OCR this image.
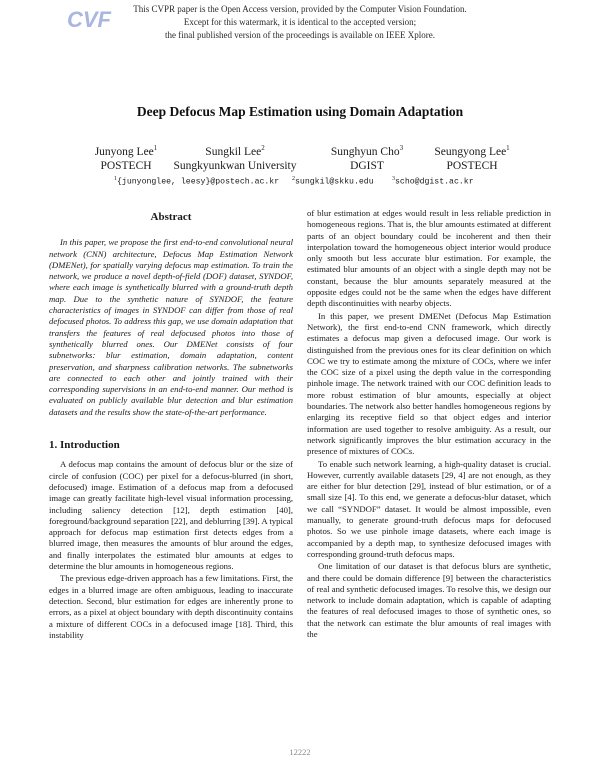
CVF	This CVPR paper is the Open Access version, provided by the Computer Vision Foundation.
Except for this watermark, it is identical to the accepted version;
the final published version of the proceedings is available on IEEE Xplore.
Deep Defocus Map Estimation using Domain Adaptation
Junyong Lee$^1$
POSTECH
Sungkil Lee$^2$
Sungkyunkwan University
Sunghyun Cho$^3$
DGIST
Seungyong Lee$^1$
POSTECH
$^1${junyonglee, leesy}@postech.ac.kr $^2$sungkil@skku.edu	$^3$scho@dgist.ac.kr
Abstract

In this paper, we propose the first end-to-end convolutional neural network (CNN) architecture, Defocus Map Estimation Network (DMENet), for spatially varying defocus map estimation. To train the network, we produce a novel depth-of-field (DOF) dataset, SYNDOF, where each image is synthetically blurred with a ground-truth depth map. Due to the synthetic nature of SYNDOF, the feature characteristics of images in SYNDOF can differ from those of real defocused photos. To address this gap, we use domain adaptation that transfers the features of real defocused photos into those of synthetically blurred ones. Our DMENet consists of four subnetworks: blur estimation, domain adaptation, content preservation, and sharpness calibration networks. The subnetworks are connected to each other and jointly trained with their corresponding supervisions in an end-to-end manner. Our method is evaluated on publicly available blur detection and blur estimation datasets and the results show the state-of-the-art performance.

1. Introduction

A defocus map contains the amount of defocus blur or the size of circle of confusion (COC) per pixel for a defocus-blurred (in short, defocused) image. Estimation of a defocus map from a defocused image can greatly facilitate high-level visual information processing, including saliency detection [12], depth estimation [40], foreground/background separation [22], and deblurring [39]. A typical approach for defocus map estimation first detects edges from a blurred image, then measures the amounts of blur around the edges, and finally interpolates the estimated blur amounts at edges to determine the blur amounts in homogeneous regions.

The previous edge-driven approach has a few limitations. First, the edges in a blurred image are often ambiguous, leading to inaccurate detection. Second, blur estimation for edges are inherently prone to errors, as a pixel at object boundary with depth discontinuity contains a mixture of different COCs in a defocused image [18]. Third, this instability

of blur estimation at edges would result in less reliable prediction in homogeneous regions. That is, the blur amounts estimated at different parts of an object boundary could be incoherent and then their interpolation toward the homogeneous object interior would produce only smooth but less accurate blur estimation. For example, the estimated blur amounts of an object with a single depth may not be constant, because the blur amounts separately measured at the opposite edges could not be the same when the edges have different depth discontinuities with nearby objects.

In this paper, we present DMENet (Defocus Map Estimation Network), the first end-to-end CNN framework, which directly estimates a defocus map given a defocused image. Our work is distinguished from the previous ones for its clear definition on which COC we try to estimate among the mixture of COCs, where we infer the COC size of a pixel using the depth value in the corresponding pinhole image. The network trained with our COC definition leads to more robust estimation of blur amounts, especially at object boundaries. The network also better handles homogeneous regions by enlarging its receptive field so that object edges and interior information are used together to resolve ambiguity. As a result, our network significantly improves the blur estimation accuracy in the presence of mixtures of COCs.

To enable such network learning, a high-quality dataset is crucial. However, currently available datasets [29, 4] are not enough, as they are either for blur detection [29], instead of blur estimation, or of a small size [4]. To this end, we generate a defocus-blur dataset, which we call “SYNDOF” dataset. It would be almost impossible, even manually, to generate ground-truth defocus maps for defocused photos. So we use pinhole image datasets, where each image is accompanied by a depth map, to synthesize defocused images with corresponding ground-truth defocus maps.

One limitation of our dataset is that defocus blurs are synthetic, and there could be domain difference [9] between the characteristics of real and synthetic defocused images. To resolve this, we design our network to include domain adaptation, which is capable of adapting the features of real defocused images to those of synthetic ones, so that the network can estimate the blur amounts of real images with the

12222
